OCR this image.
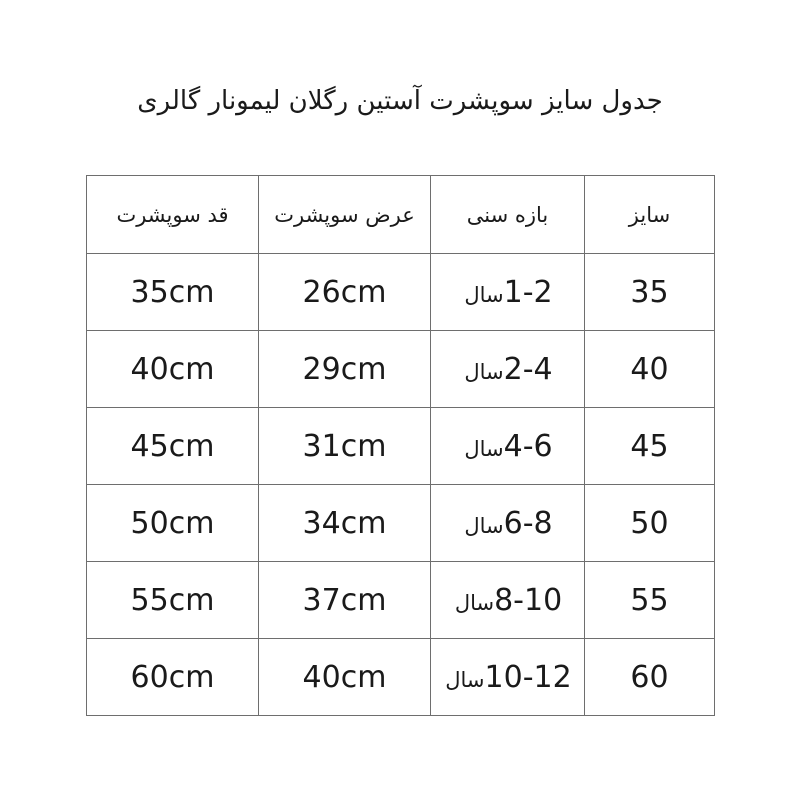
جدول سایز سوپشرت آستین رگلان لیمونار گالری
سایز	بازه سنی	عرض سوپشرت	قد سوپشرت
35	1-2سال	26cm	35cm
40	2-4سال	29cm	40cm
45	4-6سال	31cm	45cm
50	6-8سال	34cm	50cm
55	8-10سال	37cm	55cm
60	10-12سال	40cm	60cm
